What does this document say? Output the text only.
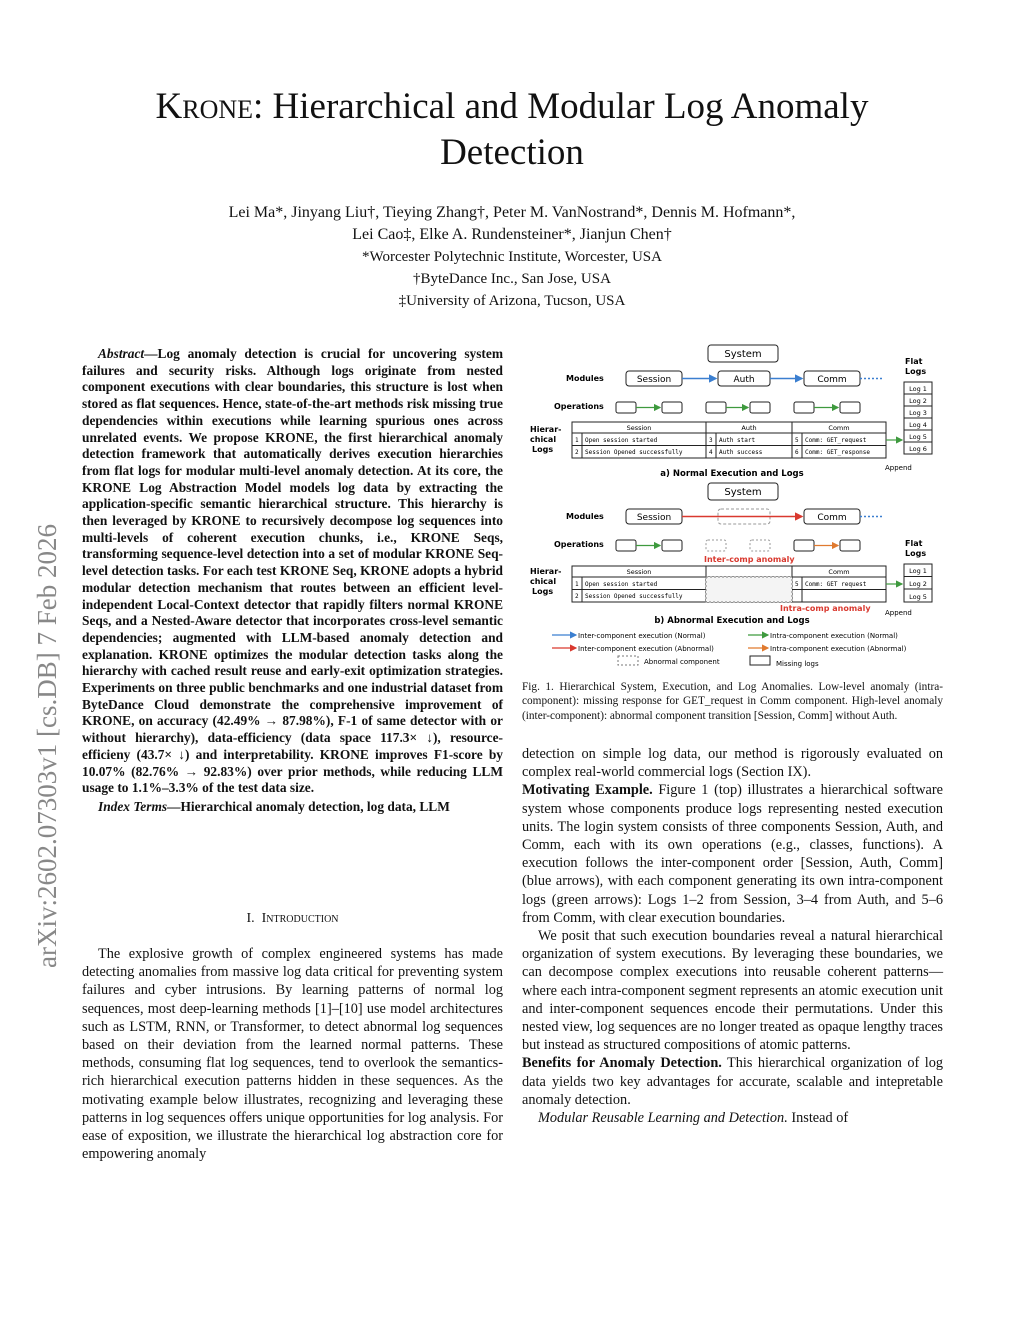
arXiv:2602.07303v1 [cs.DB] 7 Feb 2026
Krone: Hierarchical and Modular Log Anomaly
Detection
Lei Ma*, Jinyang Liu†, Tieying Zhang†, Peter M. VanNostrand*, Dennis M. Hofmann*,
Lei Cao‡, Elke A. Rundensteiner*, Jianjun Chen†
*Worcester Polytechnic Institute, Worcester, USA
†ByteDance Inc., San Jose, USA
‡University of Arizona, Tucson, USA

Abstract—Log anomaly detection is crucial for uncovering system failures and security risks. Although logs originate from nested component executions with clear boundaries, this structure is lost when stored as flat sequences. Hence, state-of-the-art methods risk missing true dependencies within executions while learning spurious ones across unrelated events. We propose KRONE, the first hierarchical anomaly detection framework that automatically derives execution hierarchies from flat logs for modular multi-level anomaly detection. At its core, the KRONE Log Abstraction Model models log data by extracting the application-specific semantic hierarchical structure. This hierarchy is then leveraged by KRONE to recursively decompose log sequences into multi-levels of coherent execution chunks, i.e., KRONE Seqs, transforming sequence-level detection into a set of modular KRONE Seq-level detection tasks. For each test KRONE Seq, KRONE adopts a hybrid modular detection mechanism that routes between an efficient level-independent Local-Context detector that rapidly filters normal KRONE Seqs, and a Nested-Aware detector that incorporates cross-level semantic dependencies; augmented with LLM-based anomaly detection and explanation. KRONE optimizes the modular detection tasks along the hierarchy with cached result reuse and early-exit optimization strategies. Experiments on three public benchmarks and one industrial dataset from ByteDance Cloud demonstrate the comprehensive improvement of KRONE, on accuracy (42.49% → 87.98%), F-1 of same detector with or without hierarchy), data-efficiency (data space 117.3× ↓), resource-efficieny (43.7× ↓) and interpretability. KRONE improves F1-score by 10.07% (82.76% → 92.83%) over prior methods, while reducing LLM usage to 1.1%–3.3% of the test data size.

Index Terms—Hierarchical anomaly detection, log data, LLM

I. Introduction

The explosive growth of complex engineered systems has made detecting anomalies from massive log data critical for preventing system failures and cyber intrusions. By learning patterns of normal log sequences, most deep-learning methods [1]–[10] use model architectures such as LSTM, RNN, or Transformer, to detect abnormal log sequences based on their deviation from the learned normal patterns. These methods, consuming flat log sequences, tend to overlook the semantics-rich hierarchical execution patterns hidden in these sequences. As the motivating example below illustrates, recognizing and leveraging these patterns in log sequences offers unique opportunities for log analysis. For ease of exposition, we illustrate the hierarchical log abstraction core for empowering anomaly

System
Modules	Session	Auth	Comm
Flat
Logs
Log 1
Log 2
Log 3
Log 4
Log 5
Log 6
Operations
Hierar-
chical
Logs
Session	Auth	Comm
1 Open session started	3 Auth start	5 Comm: GET_request
2 Session Opened successfully	4 Auth success	6 Comm: GET_response
Append
a) Normal Execution and Logs
System
Modules	Session	Comm
Flat
Logs
Log 1
Log 2
Log 5
Operations
Inter-comp anomaly
Hierar-
chical
Logs
Session	Comm
1 Open session started	5 Comm: GET request
2 Session Opened successfully
Intra-comp anomaly Append
b) Abnormal Execution and Logs
Inter-component execution (Normal)	Intra-component execution (Normal)
Inter-component execution (Abnormal)	Intra-component execution (Abnormal)
Abnormal component	Missing logs
Fig. 1. Hierarchical System, Execution, and Log Anomalies. Low-level anomaly (intra-component): missing response for GET_request in Comm component. High-level anomaly (inter-component): abnormal component transition [Session, Comm] without Auth.

detection on simple log data, our method is rigorously evaluated on complex real-world commercial logs (Section IX).

Motivating Example. Figure 1 (top) illustrates a hierarchical software system whose components produce logs representing nested execution units. The login system consists of three components Session, Auth, and Comm, each with its own operations (e.g., classes, functions). A execution follows the inter-component order [Session, Auth, Comm] (blue arrows), with each component generating its own intra-component logs (green arrows): Logs 1–2 from Session, 3–4 from Auth, and 5–6 from Comm, with clear execution boundaries.

We posit that such execution boundaries reveal a natural hierarchical organization of system executions. By leveraging these boundaries, we can decompose complex executions into reusable coherent patterns—where each intra-component segment represents an atomic execution unit and inter-component sequences encode their permutations. Under this nested view, log sequences are no longer treated as opaque lengthy traces but instead as structured compositions of atomic patterns.

Benefits for Anomaly Detection. This hierarchical organization of log data yields two key advantages for accurate, scalable and intepretable anomaly detection.

Modular Reusable Learning and Detection. Instead of
